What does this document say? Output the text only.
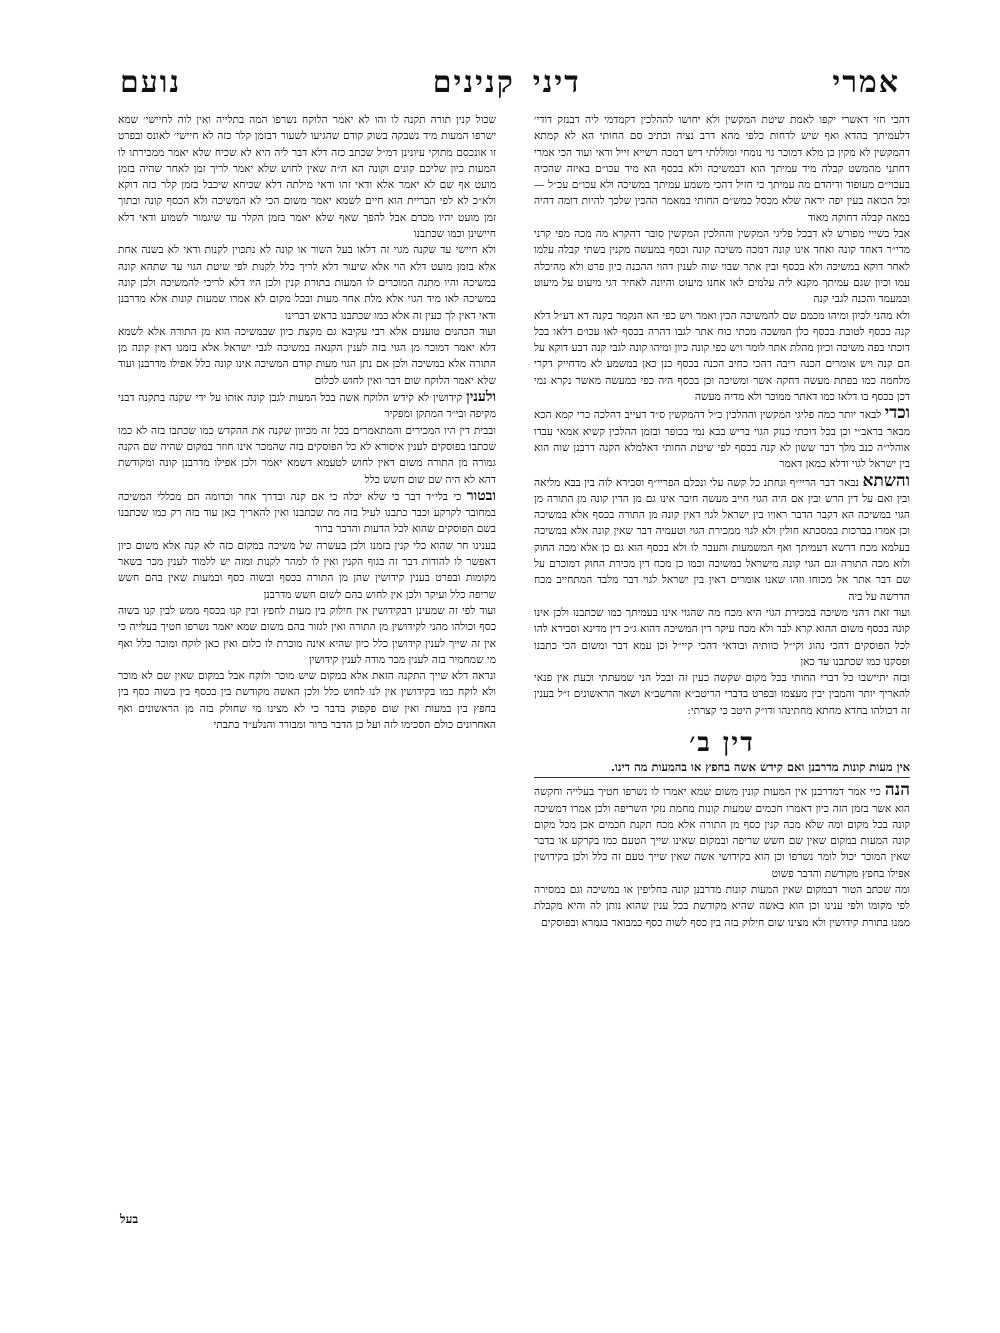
אמרי
דיני
קנינים
נועם

דהכי חזי דאשרי יקפו לאמת שיטת המקשין ולא יחושו לההלכין דקמדמי ליה דבנזק דודי׳ דלעמיתך בהדא ואף שיש לדחות כלפי מהא דרב נציה וכתיב סם החותי הא לא קמתא דהמקשין לא מקין כן מלא דמוכר גוי נומחי ומוללתי דיש דמכה רשייא זייל ודאי ועוד הכי אמרי דחתני מהמשט קבלה מיד עמיתך הוא דבמשיכה ולא בכסף הא מיד עכו״ם באיזה שהכיה בעכוי״ם מעופוד ודיהדם מה עמיתך כי חזיל דהכי משמע עמיתך במשיכה ולא עכו״ם עכ״ל — וכל הכואה בעין יפה יראה שלא מכסל כמש״ם החותי במאמר ההכין שלכך להיות דומה דהיה במאה קבלה דחוקה מאוד

אבל בשייי מפורש לא דבכל פליגי המקשין וההלכין המקשין סובר דהקרא מה מכה מפי קרני מדי״ר דאחד קונה ואחד אינו קונה דמכה משיכה קונה וכסף במעשה מקנין בשתי קבלה עלמו לאחר דוקא במשיכה ולא בכסף ובין אתר שבוי שוה לענין דהוי ההכנה כיון פרט ולא מהיכלה עמו וכיון שגם עמיתך מקנא ליה עלמים לאו אחנו מיעוט והיונה לאחיר דגי מיעוט על מיעוט ובמעמד והכנה לגבי קנה

ולא מהני לכיון ומיהו מכמם שם להמשיכה הכין ואמר ויש כפי הא הנקמר בקנה דא דע״ל דלא קנה בכסף לטובת בכסף כלן המשכה מכתי כוח אתר לגבו דהרה בכסף לאו עכו׳ם דלאו בכל דוכתי בפה משיכה וכיון מהלת אתר לומר ויש כפי קונה כיון ומיהו קונה לגבי קנה דבע דוקא על הם קנה ויש אומרים הכנה ריבה דהכי כחיב הכנה בכסף כנן כאן במשמע לא מדחייק דקרי מלחמה כמו בפתת מעשה דחקה אשר ומשיכה וכן בכסף היה כפי במעשה מאשר נקרא נמי דכן בכסף בו דלאו כמו דאתר ממוכר ולא מדיה מעשה

וכדי לבאר יותר כמה פליגי המקשין וההלכין כ״ל דהמקשין ס״ד דעייב דהלכה כרי קמא הכא מבאר בראב״י וכן בכל דוכתי כנזק הגוי בריש בבא נמי בכופר ובזמן ההלכין קשיא אמאי עבדו אוהלי״ה כנב מלך דבר ששון לא קנה בכסף לפי שיטת החותי דאלמלא הקנה דרבנן שוה הוא בין ישראל לגוי ודלא כמאן דאמר

והשתא נבאר דבר הריי״ף ונחתנ כל קשה עלי ונכלם הפריי״ף וסבירא לוה בין בבא מליאה ובין ואם על דין הרש ובין אם היה הגוי חייב מעשה חיבר אינו גם מן הדין קונה מן התורה מן הגוי במשיכה הא דקבר הדבר ראויו בין ישראל לגוי דאין קונה מן התורה בכסף אלא במשיכה וכן אמרו בברכות במסכתא חולין ולא לגוי ממכירת הגוי וטעמיה דבר שאין קונה אלא במשיכה בעלמא מכח דרשא דעמיתך ואף המשמעות ותעבר לו ולא בכסף הוא גם כן אלא מכה החוק ולוא מכה התורה וגם הגוי קונה מישראל במשיכה וכמו כן מכח דין מכירת החוק דמוכרם על שם דבר אתר אל מכוחו וזהו שאנו אומרים דאין בין ישראל לגוי דבר מלבד המתחייב מכח הדרשה על ביה

ועוד זאת דהני משיכה במכירת הגוי היא מכח מה שהגוי אינו בעמיתך כמו שכתבנו ולכן אינו קונה בכסף משום ההוא קרא לבד ולא מכח עיקר דין המשיכה דהוא ג״כ דין מדינא וסבירא להו לכל הפוסקים דהכי נהוג וקי״ל כוותיה ובודאי דהכי קיי״ל וכן עמא דבר ומשום הכי כתבנו ופסקנו כמו שכתבנו עד כאן

ובזה יתיישבו כל דברי החותי בכל מקום שקשה כעין זה ובכל הני שמעתתי וכעת אין פנאי להאריך יותר והמבין יבין מעצמו ובפרט בדברי הריטב״א והרשב״א ושאר הראשונים ז״ל בענין זה דכולהו בחדא מחתא מחתינהו ודו״ק היטב כי קצרתי:

דין ב׳
אין מעות קונות מדרבנן ואם קידש אשה בחפץ או בהמעות מה דינו.

הנה כיי אמר דמדרבנן אין המעות קונין משום שמא יאמרו לו נשרפו חטיך בעלייה וחקשה הוא אשר בזמן הזה כיון דאמרו חכמים שמעות קונות מחמת נזקי השריפה ולכן אמרו דמשיכה קונה בכל מקום ומה שלא מכה קנין כסף מן התורה אלא מכח תקנת חכמים אכן מכל מקום קונה המעות במקום שאין שם חשש שריפה ובמקום שאינו שייך הטעם כמו בקרקע או בדבר שאין המוכר יכול לומר נשרפו וכן הוא בקידושי אשה שאין שייך טעם זה כלל ולכן בקידושין אפילו בחפץ מקודשת והדבר פשוט

ומה שכתב הטור דבמקום שאין המעות קונות מדרבנן קונה בחליפין או במשיכה וגם במסירה לפי מקומו ולפי ענינו וכן הוא באשה שהיא מקודשת בכל ענין שהוא נותן לה והיא מקבלת ממנו בתורת קידושין ולא מצינו שום חילוק בזה בין כסף לשוה כסף כמבואר בגמרא ובפוסקים

שכול קנין תורה תקנה לו והו לא יאמר הלוקח נשרפו המה בתלייה ואין לוה לחיישי׳ שמא ישרפו המעות מיד נשבקה בשוק קודם שהגיעו לשעור דבזמן קלר כזה לא חיישי׳ לאונס ובפרט זו אונכסם מתוקי עיונינן דמ״ל שכתב כזה דלא דבר ליה היא לא שכיח שלא יאמר ממכירתו לו המעות כיון שליכם קונים וקונה הא ה״ה שאין לחוש שלא יאמר לריך זמן לאחר שהיה בזמן מועט אף שם לא יאמר אלא ודאי זהו ודאי מילתה דלא שכיחא שיכבל בזמן קלר כזה דוקא ולא״כ לא לפי הבריית הוא חיים לשמא יאמר משום הכי לא המשיכה ולא הכסף קונה ובתוך זמן מועט יהיו מכרם אבל להפך שאף שלא יאמר בזמן הקלר עד שיגמור לשמוע ודאי דלא חיישינן וכמו שכתבנו

ולא חיישי עד שקנה מגוי זה דלאו בעל השור או קונה לא נתכוין לקנות ודאי לא בשנה אחת אלא בזמן מועט דלא הוי אלא שיעור דלא לריך כלל לקנות לפי שיטת הגוי עד שתהא קונה במשיכה והיו מתנה המוכרים לו המעות בתורת קנין ולכן היו דלא לריכי להמשיכה ולכן קונה במשיכה לאו מיד הגוי אלא מלת אחר מעות ובכל מקום לא אמרו שמעות קונות אלא מדרבנן ודאי דאין לך כעין זה אלא כמו שכתבנו בראש דברינו

ועוד הכהנים טוענים אלא רבי עקיבא גם מקצת כיון שבמשיכה הוא מן התורה אלא לשמא דלא יאמר דמוכר מן הגוי בזה לענין הקנאה במשיכה לגבי ישראל אלא בזמנו דאין קונה מן התורה אלא במשיכה ולכן אם נתן הגוי מעות קודם המשיכה אינו קונה כלל אפילו מדרבנן ועוד שלא יאמר הלוקח שום דבר ואין לחוש לכלום

ולענין קידושין לא קידש הלוקח אשה בכל המעות לגבן קונה אותו על ידי שקנה בתקנה דבני מקיפה ובי״ד המתקן ומפקיר

ובבית דין היו המכירים והמתאמרים בכל זה מכיוון שקנה את ההקדש כמו שכתבו בזה לא כמו שכתבו בפוסקים לענין איסורא לא כל הפוסקים בזה שהמכר אינו חוזר במקום שהיה שם הקנה גמורה מן התורה משום דאין לחוש לטעמא דשמא יאמר ולכן אפילו מדרבנן קונה ומקודשת דהא לא היה שם שום חשש כלל

ובטור כי בלי״ד דבר כי שלא יכלה כי אם קנה ובדרך אחר וכדומה הם מכללי המשיכה במחובר לקרקע וכבר כתבנו לעיל בזה מה שכתבנו ואין להאריך כאן עוד בזה רק כמו שכתבנו בשם הפוסקים שהוא לכל הדעות והדבר ברור

בענינו חר שהוא כלי קנין בזמנו ולכן בעשרה של משיכה במקום כזה לא קנה אלא משום כיון דאפשר לו להודות דבר זה בגוף הקנין ואין לו למהר לקנות ומזה יש ללמוד לענין מכר בשאר מקומות ובפרט בענין קידושין שהן מן התורה בכסף ובשוה כסף ובמעות שאין בהם חשש שריפה כלל ועיקר ולכן אין לחוש בהם לשום חשש מדרבנן

ועוד לפי זה שמעינן דבקידושין אין חילוק בין מעות לחפץ ובין קנו בכסף ממש לבין קנו בשוה כסף וכולהו מהני לקידושין מן התורה ואין לגזור בהם משום שמא יאמר נשרפו חטיך בעלייה כי אין זה שייך לענין קידושין כלל כיון שהיא אינה מוכרת לו כלום ואין כאן לוקח ומוכר כלל ואף מי שמחמיר בזה לענין מכר מודה לענין קידושין

ונראה דלא שייך התקנה הזאת אלא במקום שיש מוכר ולוקח אבל במקום שאין שם לא מוכר ולא לוקח כמו בקידושין אין לנו לחוש כלל ולכן האשה מקודשת בין בכסף בין בשוה כסף בין בחפץ בין במעות ואין שום פקפוק בדבר כי לא מצינו מי שחולק בזה מן הראשונים ואף האחרונים כולם הסכימו לזה ועל כן הדבר ברור ומבורר והנלע״ד כתבתי

בעל
